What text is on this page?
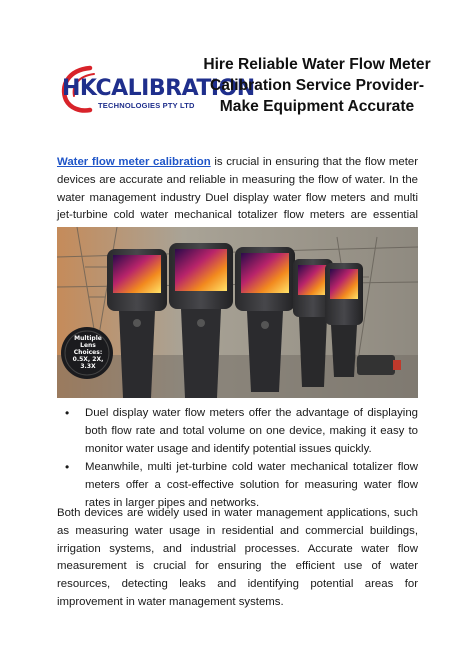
HKCALIBRATION
TECHNOLOGIES PTY LTD
Hire Reliable Water Flow Meter
Calibration Service Provider-
Make Equipment Accurate

Water flow meter calibration is crucial in ensuring that the flow meter devices are accurate and reliable in measuring the flow of water. In the water management industry Duel display water flow meters and multi jet-turbine cold water mechanical totalizer flow meters are essential

Multiple
Lens
Choices:
0.5X, 2X, 3.3X
• Duel display water flow meters offer the advantage of displaying both flow rate and total volume on one device, making it easy to monitor water usage and identify potential issues quickly.
• Meanwhile, multi jet-turbine cold water mechanical totalizer flow meters offer a cost-effective solution for measuring water flow rates in larger pipes and networks.

Both devices are widely used in water management applications, such as measuring water usage in residential and commercial buildings, irrigation systems, and industrial processes. Accurate water flow measurement is crucial for ensuring the efficient use of water resources, detecting leaks and identifying potential areas for improvement in water management systems.
